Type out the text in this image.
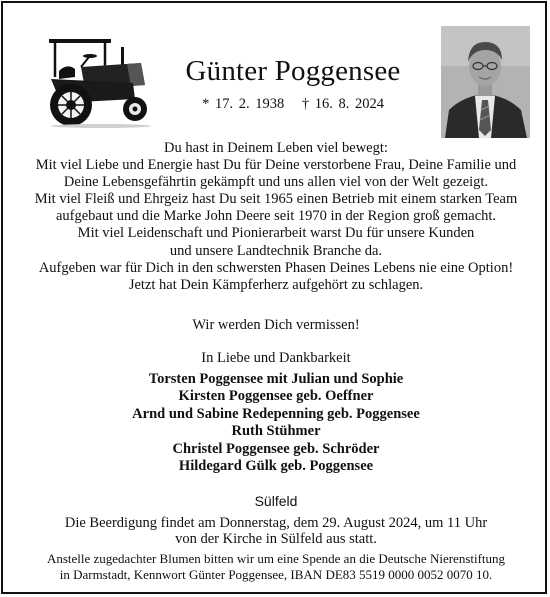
Günter Poggensee
* 17. 2. 1938 † 16. 8. 2024
Du hast in Deinem Leben viel bewegt:
Mit viel Liebe und Energie hast Du für Deine verstorbene Frau, Deine Familie und
Deine Lebensgefährtin gekämpft und uns allen viel von der Welt gezeigt.
Mit viel Fleiß und Ehrgeiz hast Du seit 1965 einen Betrieb mit einem starken Team
aufgebaut und die Marke John Deere seit 1970 in der Region groß gemacht.
Mit viel Leidenschaft und Pionierarbeit warst Du für unsere Kunden
und unsere Landtechnik Branche da.
Aufgeben war für Dich in den schwersten Phasen Deines Lebens nie eine Option!
Jetzt hat Dein Kämpferherz aufgehört zu schlagen.
Wir werden Dich vermissen!
In Liebe und Dankbarkeit
Torsten Poggensee mit Julian und Sophie
Kirsten Poggensee geb. Oeffner
Arnd und Sabine Redepenning geb. Poggensee
Ruth Stühmer
Christel Poggensee geb. Schröder
Hildegard Gülk geb. Poggensee
Sülfeld
Die Beerdigung findet am Donnerstag, dem 29. August 2024, um 11 Uhr
von der Kirche in Sülfeld aus statt.
Anstelle zugedachter Blumen bitten wir um eine Spende an die Deutsche Nierenstiftung
in Darmstadt, Kennwort Günter Poggensee, IBAN DE83 5519 0000 0052 0070 10.
